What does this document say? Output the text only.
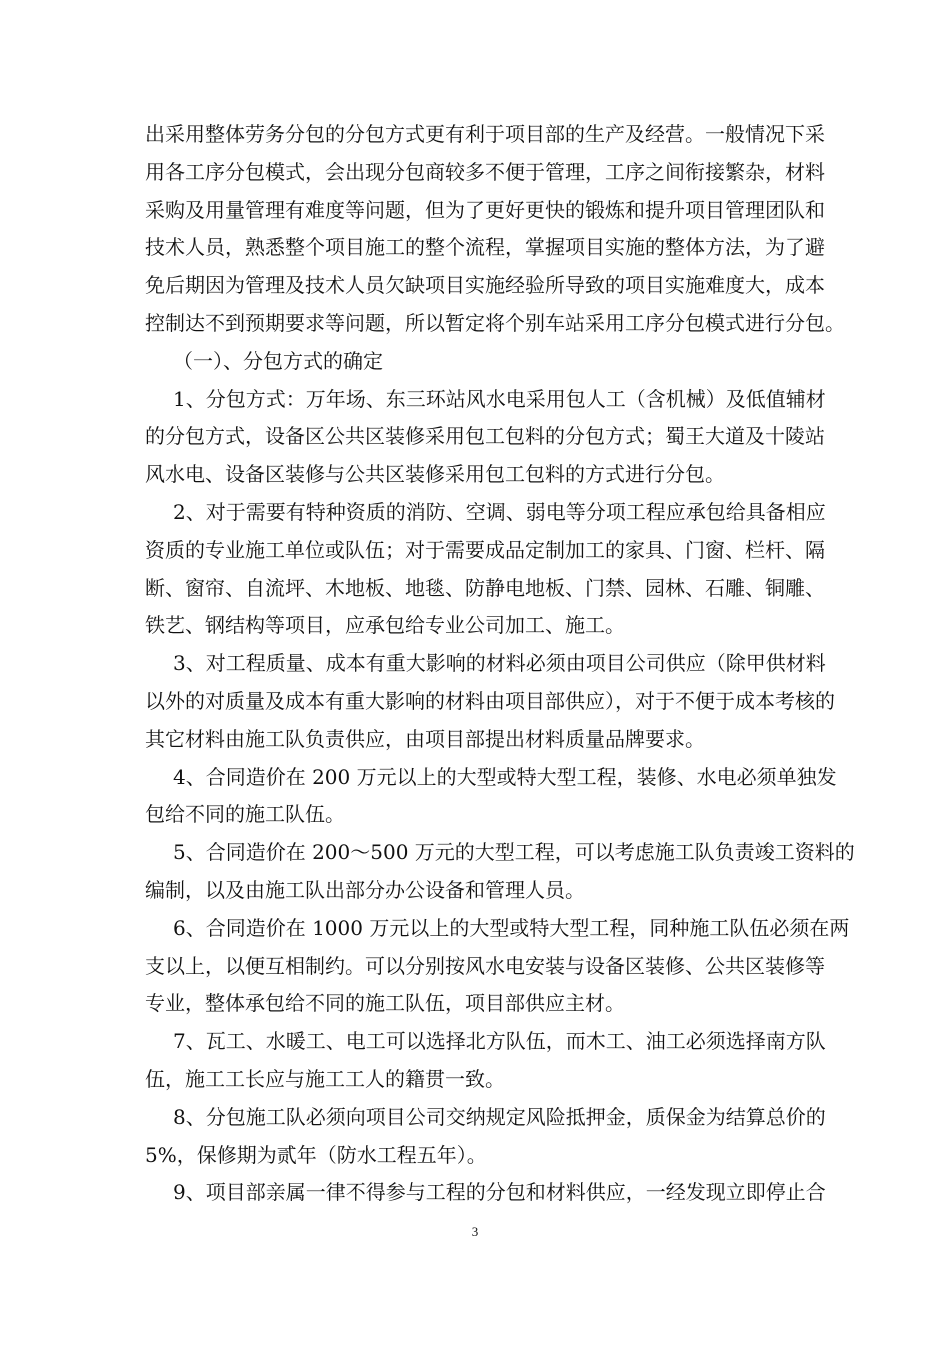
出采用整体劳务分包的分包方式更有利于项目部的生产及经营。一般情况下采
用各工序分包模式，会出现分包商较多不便于管理，工序之间衔接繁杂，材料
采购及用量管理有难度等问题，但为了更好更快的锻炼和提升项目管理团队和
技术人员，熟悉整个项目施工的整个流程，掌握项目实施的整体方法，为了避
免后期因为管理及技术人员欠缺项目实施经验所导致的项目实施难度大，成本
控制达不到预期要求等问题，所以暂定将个别车站采用工序分包模式进行分包。
（一）、分包方式的确定
1、分包方式：万年场、东三环站风水电采用包人工（含机械）及低值辅材
的分包方式，设备区公共区装修采用包工包料的分包方式；蜀王大道及十陵站
风水电、设备区装修与公共区装修采用包工包料的方式进行分包。
2、对于需要有特种资质的消防、空调、弱电等分项工程应承包给具备相应
资质的专业施工单位或队伍；对于需要成品定制加工的家具、门窗、栏杆、隔
断、窗帘、自流坪、木地板、地毯、防静电地板、门禁、园林、石雕、铜雕、
铁艺、钢结构等项目，应承包给专业公司加工、施工。
3、对工程质量、成本有重大影响的材料必须由项目公司供应（除甲供材料
以外的对质量及成本有重大影响的材料由项目部供应），对于不便于成本考核的
其它材料由施工队负责供应，由项目部提出材料质量品牌要求。
4、合同造价在 200 万元以上的大型或特大型工程，装修、水电必须单独发
包给不同的施工队伍。
5、合同造价在 200～500 万元的大型工程，可以考虑施工队负责竣工资料的
编制，以及由施工队出部分办公设备和管理人员。
6、合同造价在 1000 万元以上的大型或特大型工程，同种施工队伍必须在两
支以上，以便互相制约。可以分别按风水电安装与设备区装修、公共区装修等
专业，整体承包给不同的施工队伍，项目部供应主材。
7、瓦工、水暖工、电工可以选择北方队伍，而木工、油工必须选择南方队
伍，施工工长应与施工工人的籍贯一致。
8、分包施工队必须向项目公司交纳规定风险抵押金，质保金为结算总价的
5%，保修期为贰年（防水工程五年）。
9、项目部亲属一律不得参与工程的分包和材料供应，一经发现立即停止合
3
